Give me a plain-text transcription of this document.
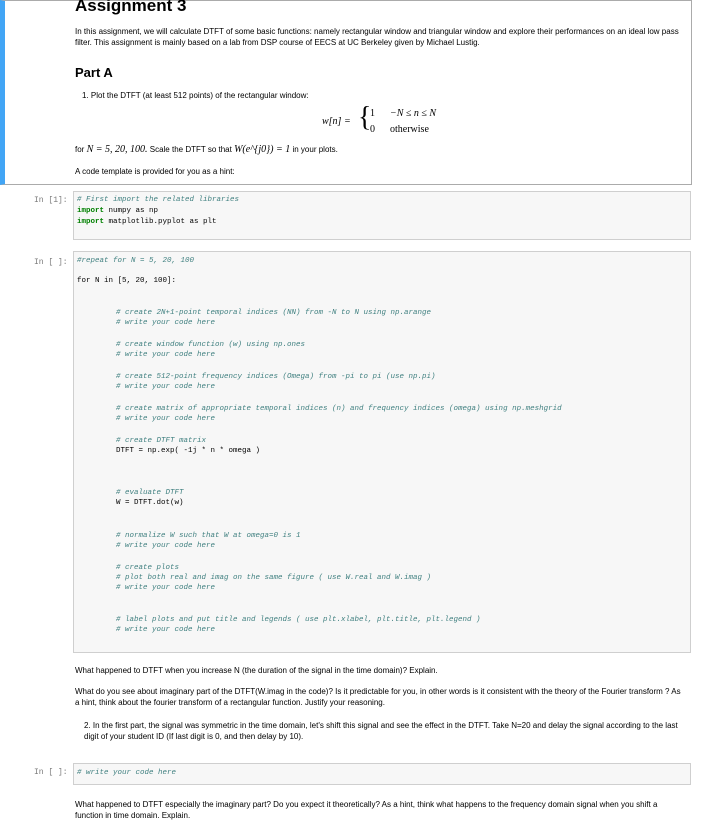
Assignment 3
In this assignment, we will calculate DTFT of some basic functions: namely rectangular window and triangular window and explore their performances on an ideal low pass filter. This assignment is mainly based on a lab from DSP course of EECS at UC Berkeley given by Michael Lustig.
Part A
1. Plot the DTFT (at least 512 points) of the rectangular window:
w[n] = {
1 −N ≤ n ≤ N
0 otherwise
for N = 5, 20, 100. Scale the DTFT so that W(e^{j0}) = 1 in your plots.
A code template is provided for you as a hint:
In [1]: # First import the related libraries
import numpy as np
import matplotlib.pyplot as plt
In [ ]: #repeat for N = 5, 20, 100
for N in [5, 20, 100]:
# create 2N+1-point temporal indices (NN) from -N to N using np.arange
# write your code here
# create window function (w) using np.ones
# write your code here
# create 512-point frequency indices (Omega) from -pi to pi (use np.pi)
# write your code here
# create matrix of appropriate temporal indices (n) and frequency indices (omega) using np.meshgrid
# write your code here
# create DTFT matrix
DTFT = np.exp( -1j * n * omega )
# evaluate DTFT
W = DTFT.dot(w)
# normalize W such that W at omega=0 is 1
# write your code here
# create plots
# plot both real and imag on the same figure ( use W.real and W.imag )
# write your code here
# label plots and put title and legends ( use plt.xlabel, plt.title, plt.legend )
# write your code here
What happened to DTFT when you increase N (the duration of the signal in the time domain)? Explain.
What do you see about imaginary part of the DTFT(W.imag in the code)? Is it predictable for you, in other words is it consistent with the theory of the Fourier transform ? As a hint, think about the fourier transform of a rectangular function. Justify your reasoning.
2. In the first part, the signal was symmetric in the time domain, let's shift this signal and see the effect in the DTFT. Take N=20 and delay the signal according to the last digit of your student ID (If last digit is 0, and then delay by 10).
In [ ]: # write your code here
What happened to DTFT especially the imaginary part? Do you expect it theoretically? As a hint, think what happens to the frequency domain signal when you shift a function in time domain. Explain.
